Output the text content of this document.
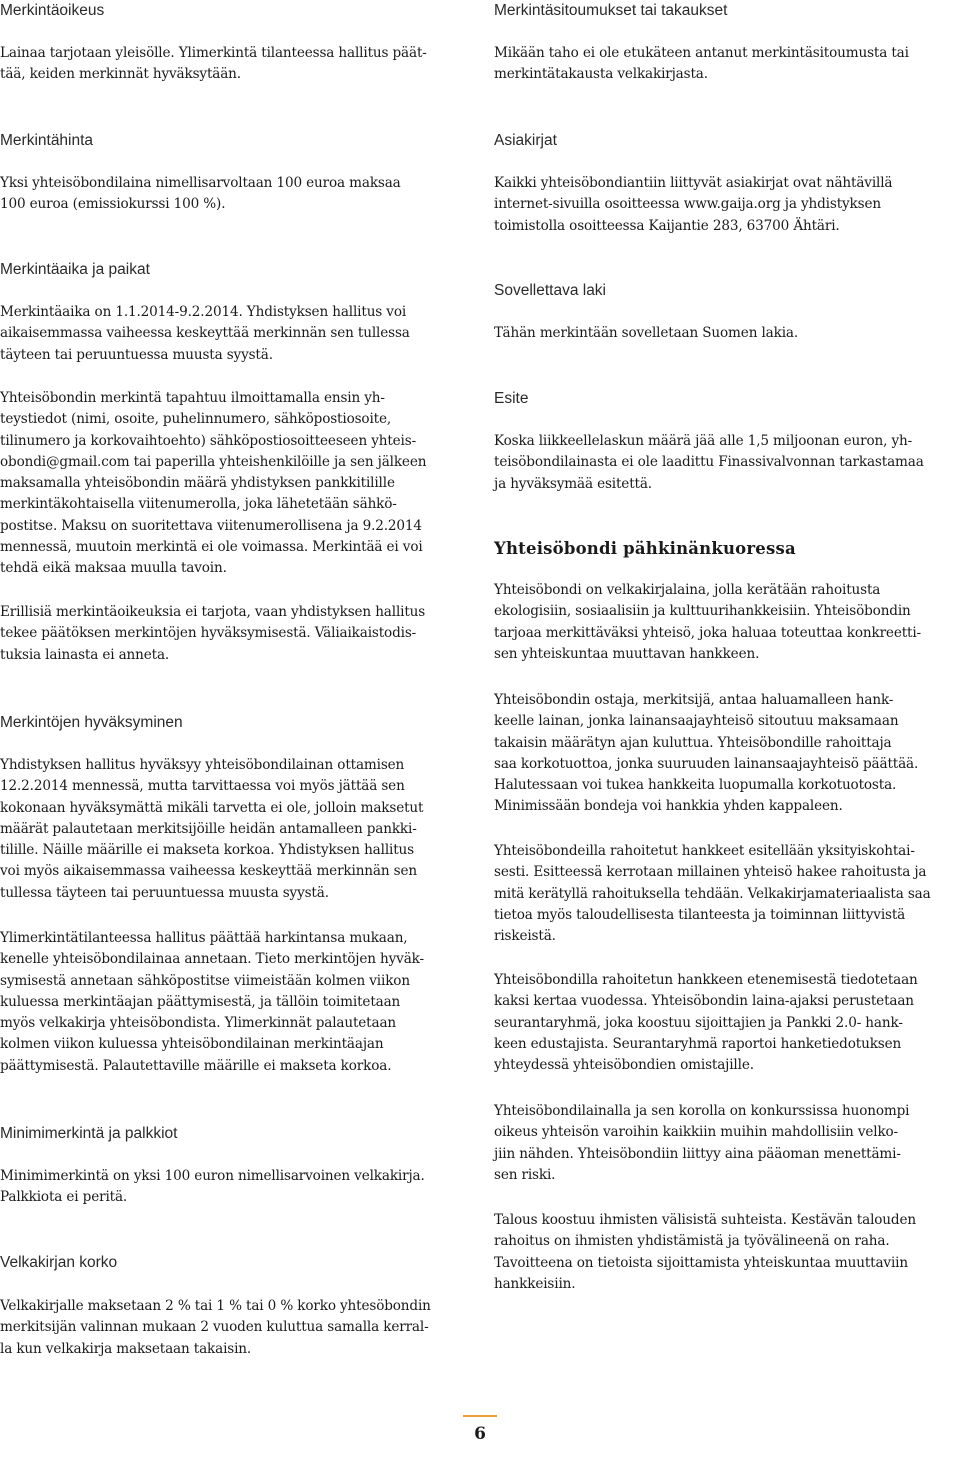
Merkintäoikeus
Lainaa tarjotaan yleisölle. Ylimerkintä tilanteessa hallitus päät-
tää, keiden merkinnät hyväksytään.
Merkintähinta
Yksi yhteisöbondilaina nimellisarvoltaan 100 euroa maksaa
100 euroa (emissiokurssi 100 %).
Merkintäaika ja paikat
Merkintäaika on 1.1.2014-9.2.2014. Yhdistyksen hallitus voi
aikaisemmassa vaiheessa keskeyttää merkinnän sen tullessa
täyteen tai peruuntuessa muusta syystä.
Yhteisöbondin merkintä tapahtuu ilmoittamalla ensin yh-
teystiedot (nimi, osoite, puhelinnumero, sähköpostiosoite,
tilinumero ja korkovaihtoehto) sähköpostiosoitteeseen yhteis-
obondi@gmail.com tai paperilla yhteishenkilöille ja sen jälkeen
maksamalla yhteisöbondin määrä yhdistyksen pankkitilille
merkintäkohtaisella viitenumerolla, joka lähetetään sähkö-
postitse. Maksu on suoritettava viitenumerollisena ja 9.2.2014
mennessä, muutoin merkintä ei ole voimassa. Merkintää ei voi
tehdä eikä maksaa muulla tavoin.
Erillisiä merkintäoikeuksia ei tarjota, vaan yhdistyksen hallitus
tekee päätöksen merkintöjen hyväksymisestä. Väliaikaistodis-
tuksia lainasta ei anneta.
Merkintöjen hyväksyminen
Yhdistyksen hallitus hyväksyy yhteisöbondilainan ottamisen
12.2.2014 mennessä, mutta tarvittaessa voi myös jättää sen
kokonaan hyväksymättä mikäli tarvetta ei ole, jolloin maksetut
määrät palautetaan merkitsijöille heidän antamalleen pankki-
tilille. Näille määrille ei makseta korkoa. Yhdistyksen hallitus
voi myös aikaisemmassa vaiheessa keskeyttää merkinnän sen
tullessa täyteen tai peruuntuessa muusta syystä.
Ylimerkintätilanteessa hallitus päättää harkintansa mukaan,
kenelle yhteisöbondilainaa annetaan. Tieto merkintöjen hyväk-
symisestä annetaan sähköpostitse viimeistään kolmen viikon
kuluessa merkintäajan päättymisestä, ja tällöin toimitetaan
myös velkakirja yhteisöbondista. Ylimerkinnät palautetaan
kolmen viikon kuluessa yhteisöbondilainan merkintäajan
päättymisestä. Palautettaville määrille ei makseta korkoa.
Minimimerkintä ja palkkiot
Minimimerkintä on yksi 100 euron nimellisarvoinen velkakirja.
Palkkiota ei peritä.
Velkakirjan korko
Velkakirjalle maksetaan 2 % tai 1 % tai 0 % korko yhtesöbondin
merkitsijän valinnan mukaan 2 vuoden kuluttua samalla kerral-
la kun velkakirja maksetaan takaisin.
Merkintäsitoumukset tai takaukset
Mikään taho ei ole etukäteen antanut merkintäsitoumusta tai
merkintätakausta velkakirjasta.
Asiakirjat
Kaikki yhteisöbondiantiin liittyvät asiakirjat ovat nähtävillä
internet-sivuilla osoitteessa www.gaija.org ja yhdistyksen
toimistolla osoitteessa Kaijantie 283, 63700 Ähtäri.
Sovellettava laki
Tähän merkintään sovelletaan Suomen lakia.
Esite
Koska liikkeellelaskun määrä jää alle 1,5 miljoonan euron, yh-
teisöbondilainasta ei ole laadittu Finassivalvonnan tarkastamaa
ja hyväksymää esitettä.
Yhteisöbondi pähkinänkuoressa
Yhteisöbondi on velkakirjalaina, jolla kerätään rahoitusta
ekologisiin, sosiaalisiin ja kulttuurihankkeisiin. Yhteisöbondin
tarjoaa merkittäväksi yhteisö, joka haluaa toteuttaa konkreetti-
sen yhteiskuntaa muuttavan hankkeen.
Yhteisöbondin ostaja, merkitsijä, antaa haluamalleen hank-
keelle lainan, jonka lainansaajayhteisö sitoutuu maksamaan
takaisin määrätyn ajan kuluttua. Yhteisöbondille rahoittaja
saa korkotuottoa, jonka suuruuden lainansaajayhteisö päättää.
Halutessaan voi tukea hankkeita luopumalla korkotuotosta.
Minimissään bondeja voi hankkia yhden kappaleen.
Yhteisöbondeilla rahoitetut hankkeet esitellään yksityiskohtai-
sesti. Esitteessä kerrotaan millainen yhteisö hakee rahoitusta ja
mitä kerätyllä rahoituksella tehdään. Velkakirjamateriaalista saa
tietoa myös taloudellisesta tilanteesta ja toiminnan liittyvistä
riskeistä.
Yhteisöbondilla rahoitetun hankkeen etenemisestä tiedotetaan
kaksi kertaa vuodessa. Yhteisöbondin laina-ajaksi perustetaan
seurantaryhmä, joka koostuu sijoittajien ja Pankki 2.0- hank-
keen edustajista. Seurantaryhmä raportoi hanketiedotuksen
yhteydessä yhteisöbondien omistajille.
Yhteisöbondilainalla ja sen korolla on konkurssissa huonompi
oikeus yhteisön varoihin kaikkiin muihin mahdollisiin velko-
jiin nähden. Yhteisöbondiin liittyy aina pääoman menettämi-
sen riski.
Talous koostuu ihmisten välisistä suhteista. Kestävän talouden
rahoitus on ihmisten yhdistämistä ja työvälineenä on raha.
Tavoitteena on tietoista sijoittamista yhteiskuntaa muuttaviin
hankkeisiin.
6
